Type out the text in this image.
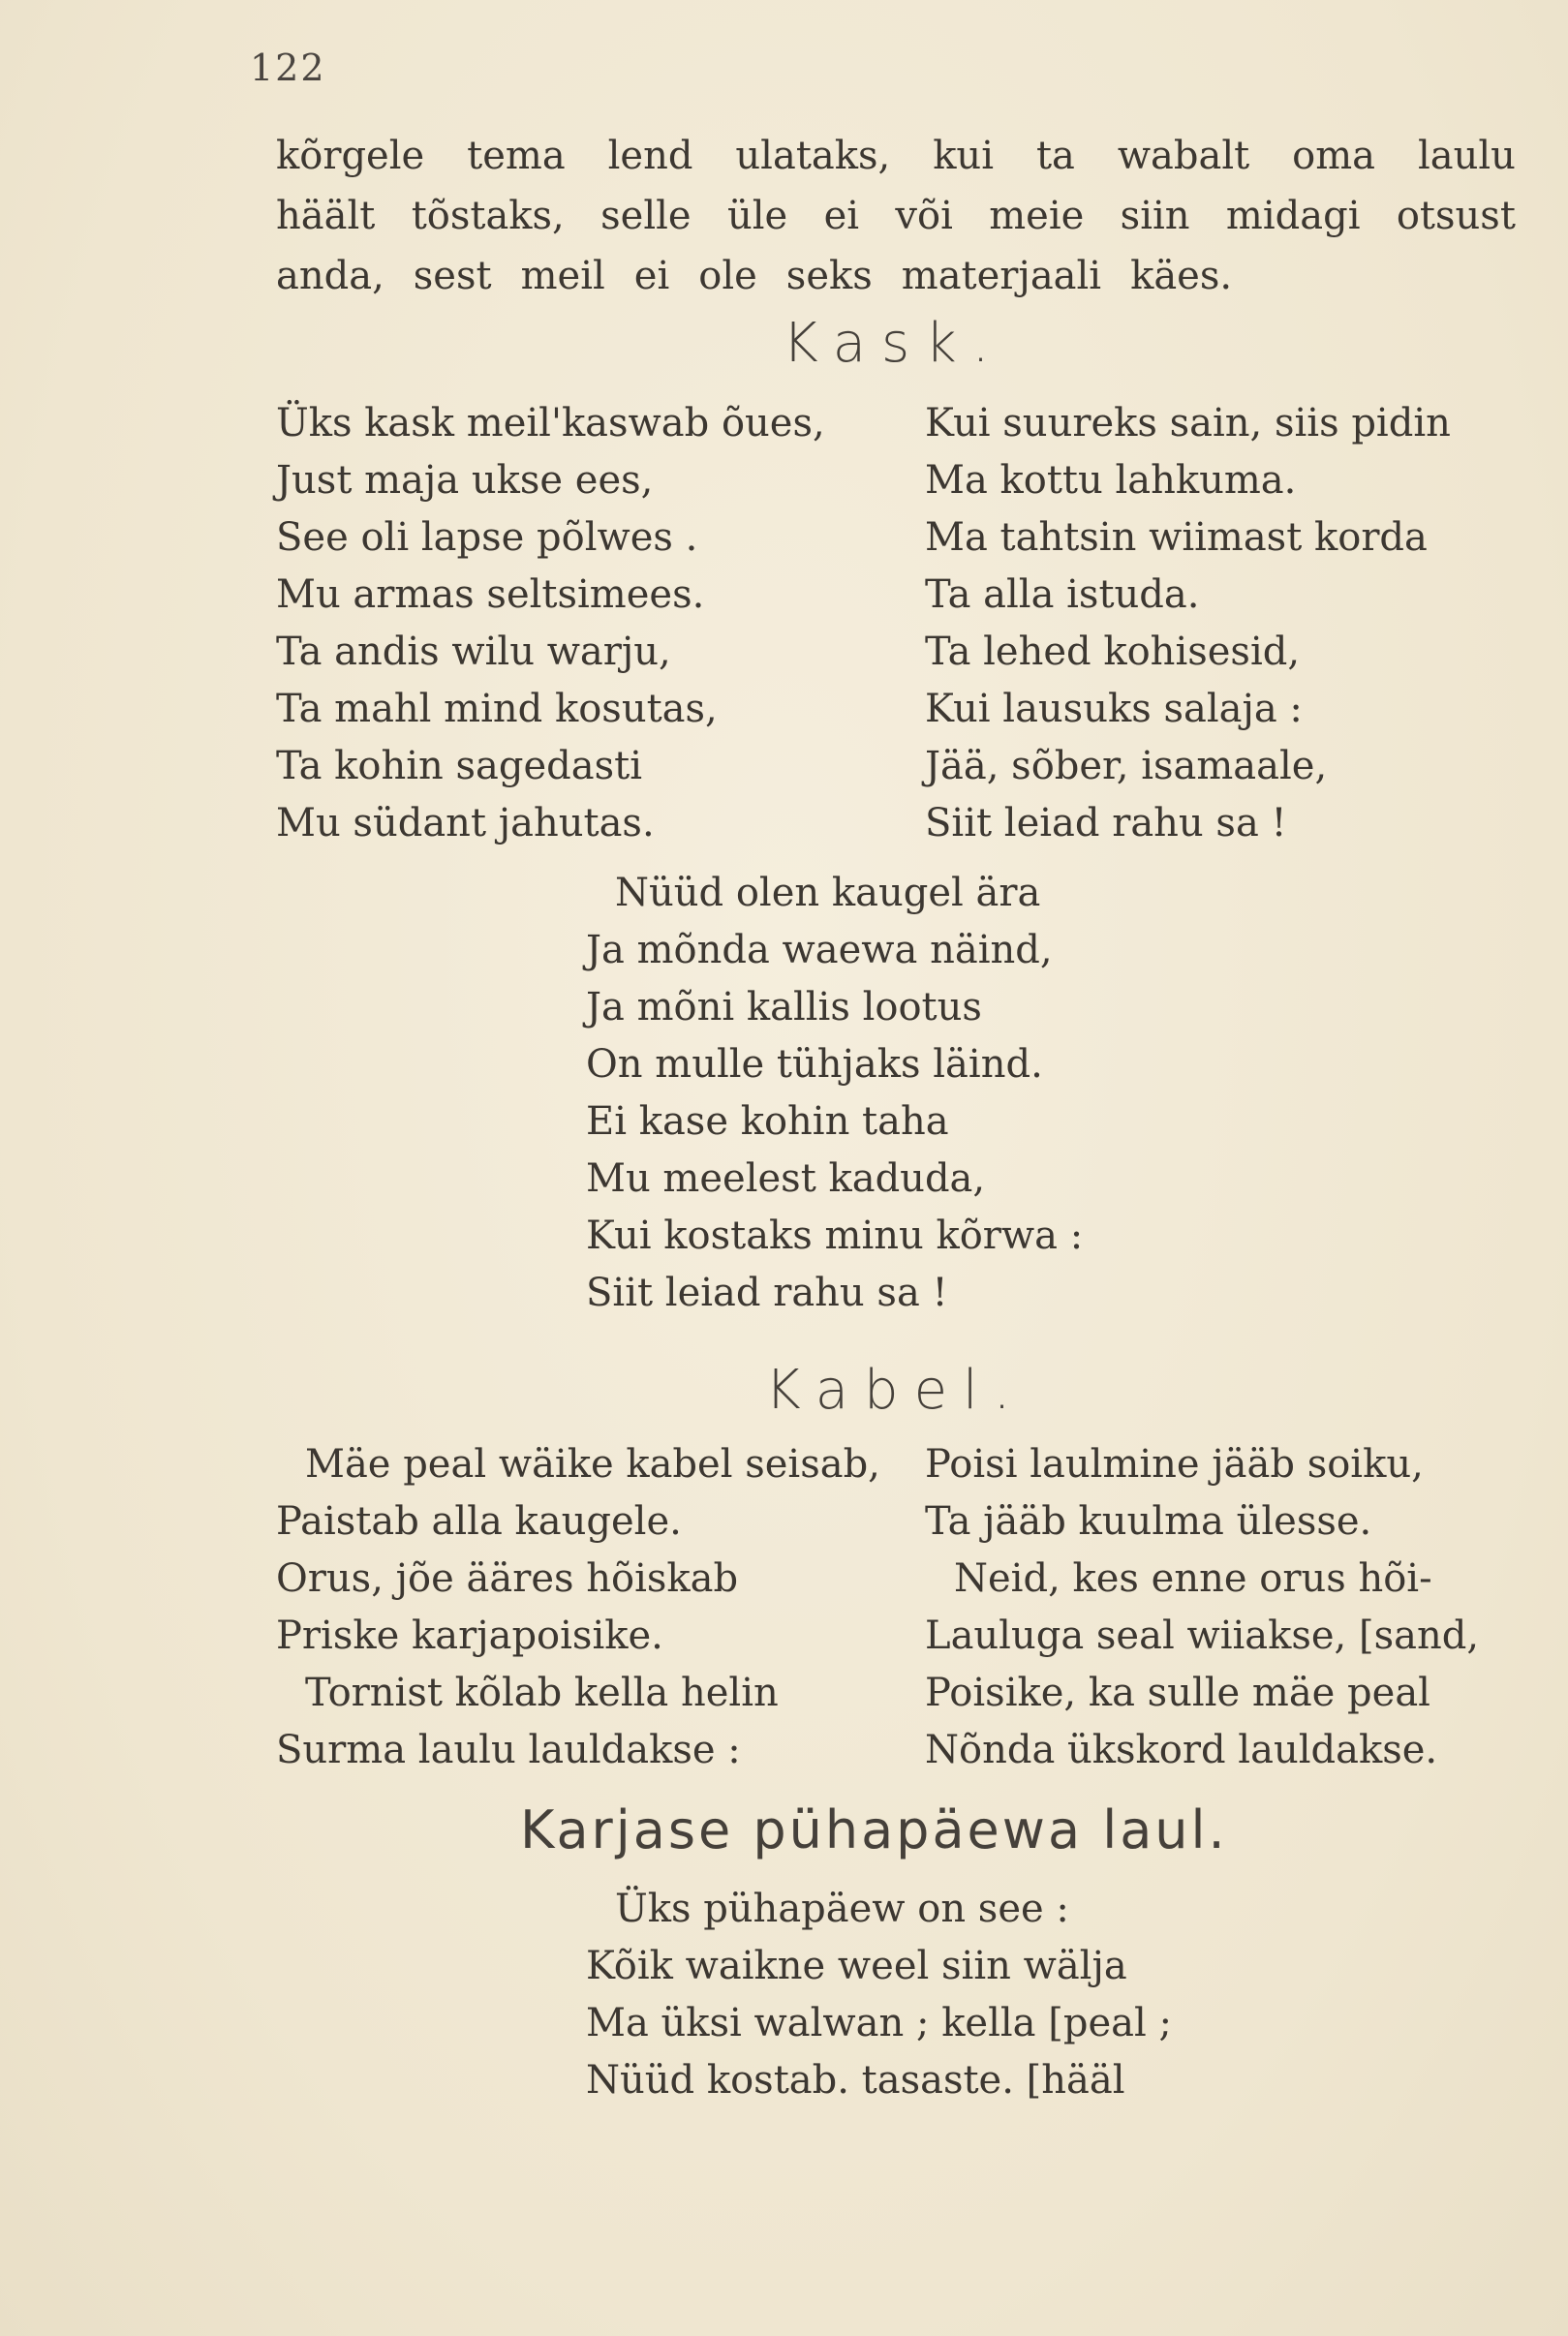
122
kõrgele tema lend ulataks, kui ta wabalt oma laulu
häält tõstaks, selle üle ei või meie siin midagi otsust
anda, sest meil ei ole seks materjaali käes.
Kask.
Üks kask meil'kaswab õues,
Just maja ukse ees,
See oli lapse põlwes .
Mu armas seltsimees.
Ta andis wilu warju,
Ta mahl mind kosutas,
Ta kohin sagedasti
Mu südant jahutas.
Kui suureks sain, siis pidin
Ma kottu lahkuma.
Ma tahtsin wiimast korda
Ta alla istuda.
Ta lehed kohisesid,
Kui lausuks salaja :
Jää, sõber, isamaale,
Siit leiad rahu sa !
Nüüd olen kaugel ära
Ja mõnda waewa näind,
Ja mõni kallis lootus
On mulle tühjaks läind.
Ei kase kohin taha
Mu meelest kaduda,
Kui kostaks minu kõrwa :
Siit leiad rahu sa !
Kabel.
Mäe peal wäike kabel seisab,
Paistab alla kaugele.
Orus, jõe ääres hõiskab
Priske karjapoisike.
Tornist kõlab kella helin
Surma laulu lauldakse :
Poisi laulmine jääb soiku,
Ta jääb kuulma ülesse.
Neid, kes enne orus hõi-
Lauluga seal wiiakse, [sand,
Poisike, ka sulle mäe peal
Nõnda ükskord lauldakse.
Karjase pühapäewa laul.
Üks pühapäew on see :
Kõik waikne weel siin wälja
Ma üksi walwan ; kella [peal ;
Nüüd kostab. tasaste. [hääl
